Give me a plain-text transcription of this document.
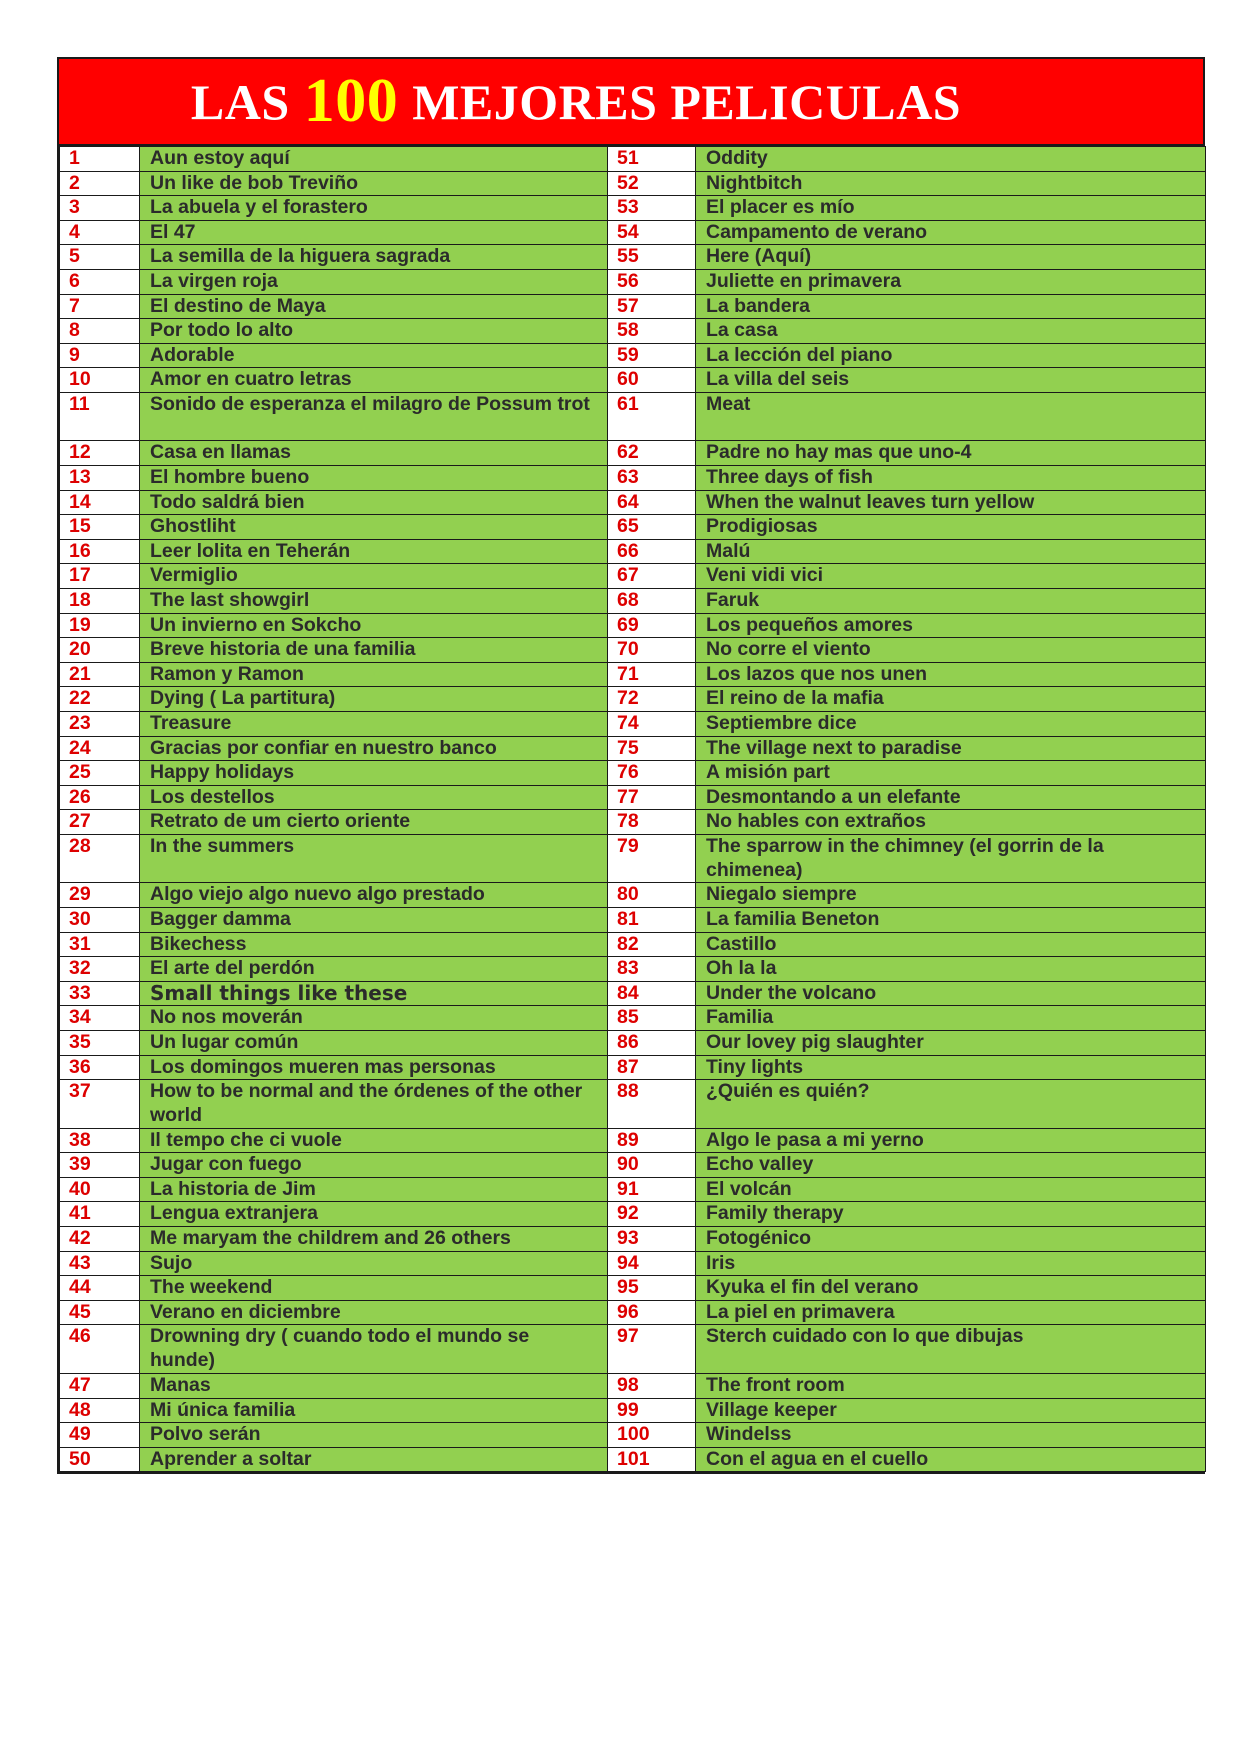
LAS 100 MEJORES PELICULAS
1	Aun estoy aquí	51	Oddity
2	Un like de bob Treviño	52	Nightbitch
3	La abuela y el forastero	53	El placer es mío
4	El 47	54	Campamento de verano
5	La semilla de la higuera sagrada	55	Here (Aquí)
6	La virgen roja	56	Juliette en primavera
7	El destino de Maya	57	La bandera
8	Por todo lo alto	58	La casa
9	Adorable	59	La lección del piano
10	Amor en cuatro letras	60	La villa del seis
11	Sonido de esperanza el milagro de Possum trot	61	Meat
12	Casa en llamas	62	Padre no hay mas que uno-4
13	El hombre bueno	63	Three days of fish
14	Todo saldrá bien	64	When the walnut leaves turn yellow
15	Ghostliht	65	Prodigiosas
16	Leer lolita en Teherán	66	Malú
17	Vermiglio	67	Veni vidi vici
18	The last showgirl	68	Faruk
19	Un invierno en Sokcho	69	Los pequeños amores
20	Breve historia de una familia	70	No corre el viento
21	Ramon y Ramon	71	Los lazos que nos unen
22	Dying ( La partitura)	72	El reino de la mafia
23	Treasure	74	Septiembre dice
24	Gracias por confiar en nuestro banco	75	The village next to paradise
25	Happy holidays	76	A misión part
26	Los destellos	77	Desmontando a un elefante
27	Retrato de um cierto oriente	78	No hables con extraños
28	In the summers	79	The sparrow in the chimney (el gorrin de la chimenea)
29	Algo viejo algo nuevo algo prestado	80	Niegalo siempre
30	Bagger damma	81	La familia Beneton
31	Bikechess	82	Castillo
32	El arte del perdón	83	Oh la la
33	Small things like these	84	Under the volcano
34	No nos moverán	85	Familia
35	Un lugar común	86	Our lovey pig slaughter
36	Los domingos mueren mas personas	87	Tiny lights
37	How to be normal and the órdenes of the other world	88	¿Quién es quién?
38	Il tempo che ci vuole	89	Algo le pasa a mi yerno
39	Jugar con fuego	90	Echo valley
40	La historia de Jim	91	El volcán
41	Lengua extranjera	92	Family therapy
42	Me maryam the childrem and 26 others	93	Fotogénico
43	Sujo	94	Iris
44	The weekend	95	Kyuka el fin del verano
45	Verano en diciembre	96	La piel en primavera
46	Drowning dry ( cuando todo el mundo se hunde)	97	Sterch cuidado con lo que dibujas
47	Manas	98	The front room
48	Mi única familia	99	Village keeper
49	Polvo serán	100	Windelss
50	Aprender a soltar	101	Con el agua en el cuello
